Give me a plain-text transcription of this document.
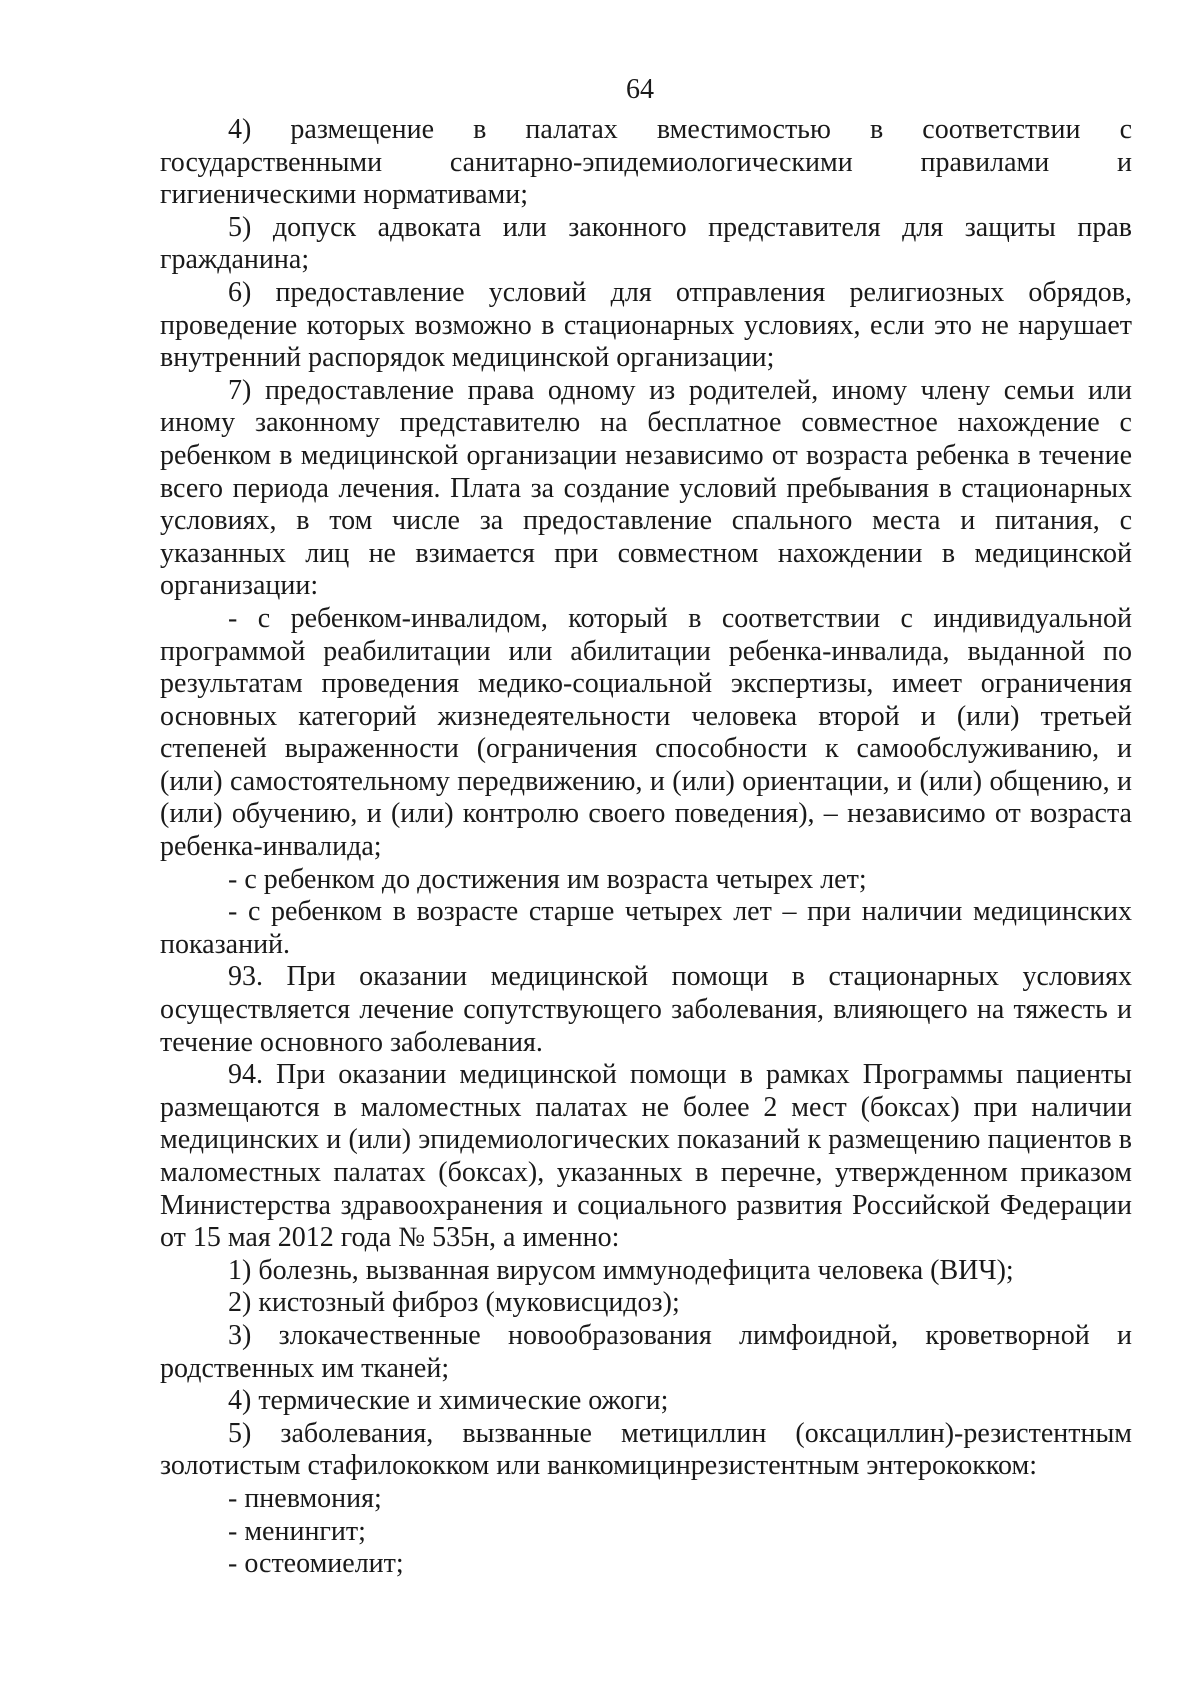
64

4) размещение в палатах вместимостью в соответствии с государственными санитарно-эпидемиологическими правилами и гигиеническими нормативами;

5) допуск адвоката или законного представителя для защиты прав гражданина;

6) предоставление условий для отправления религиозных обрядов, проведение которых возможно в стационарных условиях, если это не нарушает внутренний распорядок медицинской организации;

7) предоставление права одному из родителей, иному члену семьи или иному законному представителю на бесплатное совместное нахождение с ребенком в медицинской организации независимо от возраста ребенка в течение всего периода лечения. Плата за создание условий пребывания в стационарных условиях, в том числе за предоставление спального места и питания, с указанных лиц не взимается при совместном нахождении в медицинской организации:

- с ребенком-инвалидом, который в соответствии с индивидуальной программой реабилитации или абилитации ребенка-инвалида, выданной по результатам проведения медико-социальной экспертизы, имеет ограничения основных категорий жизнедеятельности человека второй и (или) третьей степеней выраженности (ограничения способности к самообслуживанию, и (или) самостоятельному передвижению, и (или) ориентации, и (или) общению, и (или) обучению, и (или) контролю своего поведения), – независимо от возраста ребенка-инвалида;

- с ребенком до достижения им возраста четырех лет;

- с ребенком в возрасте старше четырех лет – при наличии медицинских показаний.

93. При оказании медицинской помощи в стационарных условиях осуществляется лечение сопутствующего заболевания, влияющего на тяжесть и течение основного заболевания.

94. При оказании медицинской помощи в рамках Программы пациенты размещаются в маломестных палатах не более 2 мест (боксах) при наличии медицинских и (или) эпидемиологических показаний к размещению пациентов в маломестных палатах (боксах), указанных в перечне, утвержденном приказом Министерства здравоохранения и социального развития Российской Федерации от 15 мая 2012 года № 535н, а именно:

1) болезнь, вызванная вирусом иммунодефицита человека (ВИЧ);

2) кистозный фиброз (муковисцидоз);

3) злокачественные новообразования лимфоидной, кроветворной и родственных им тканей;

4) термические и химические ожоги;

5) заболевания, вызванные метициллин (оксациллин)-резистентным золотистым стафилококком или ванкомицинрезистентным энтерококком:

- пневмония;

- менингит;

- остеомиелит;
